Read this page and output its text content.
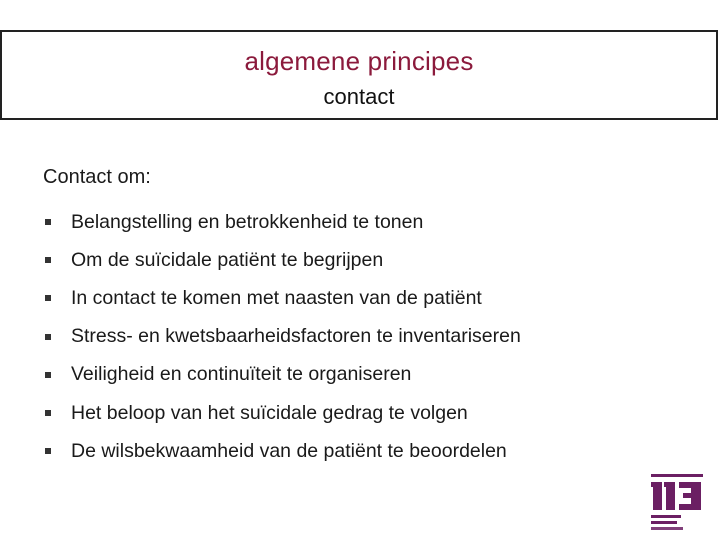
algemene principes
contact
Contact om:
Belangstelling en betrokkenheid te tonen
Om de suïcidale patiënt te begrijpen
In contact te komen met naasten van de patiënt
Stress- en kwetsbaarheidsfactoren te inventariseren
Veiligheid en continuïteit te organiseren
Het beloop van het suïcidale gedrag te volgen
De wilsbekwaamheid van de patiënt te beoordelen
